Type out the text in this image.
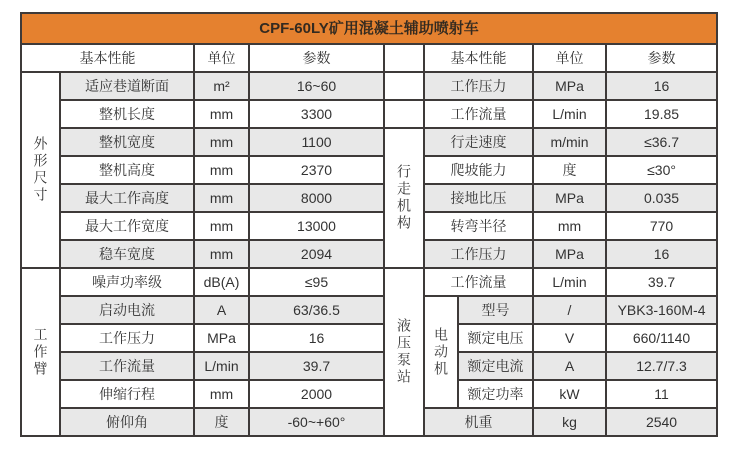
CPF-60LY矿用混凝土辅助喷射车								
基本性能		单位	参数		基本性能		单位	参数

外形尺寸	适应巷道断面	m²	16~60		工作压力		MPa	16
	整机长度	mm	3300		工作流量		L/min	19.85
	整机宽度	mm	1100	行走机构	行走速度		m/min	≤36.7
	整机高度	mm	2370		爬坡能力		度	≤30°
	最大工作高度	mm	8000		接地比压		MPa	0.035
	最大工作宽度	mm	13000		转弯半径		mm	770
	稳车宽度	mm	2094		工作压力		MPa	16

工作臂	噪声功率级	dB(A)	≤95	液压泵站	工作流量		L/min	39.7
	启动电流	A	63/36.5		电动机	型号	/	YBK3-160M-4
	工作压力	MPa	16			额定电压	V	660/1140
	工作流量	L/min	39.7			额定电流	A	12.7/7.3
	伸缩行程	mm	2000			额定功率	kW	11
	俯仰角	度	-60~+60°		机重		kg	2540
